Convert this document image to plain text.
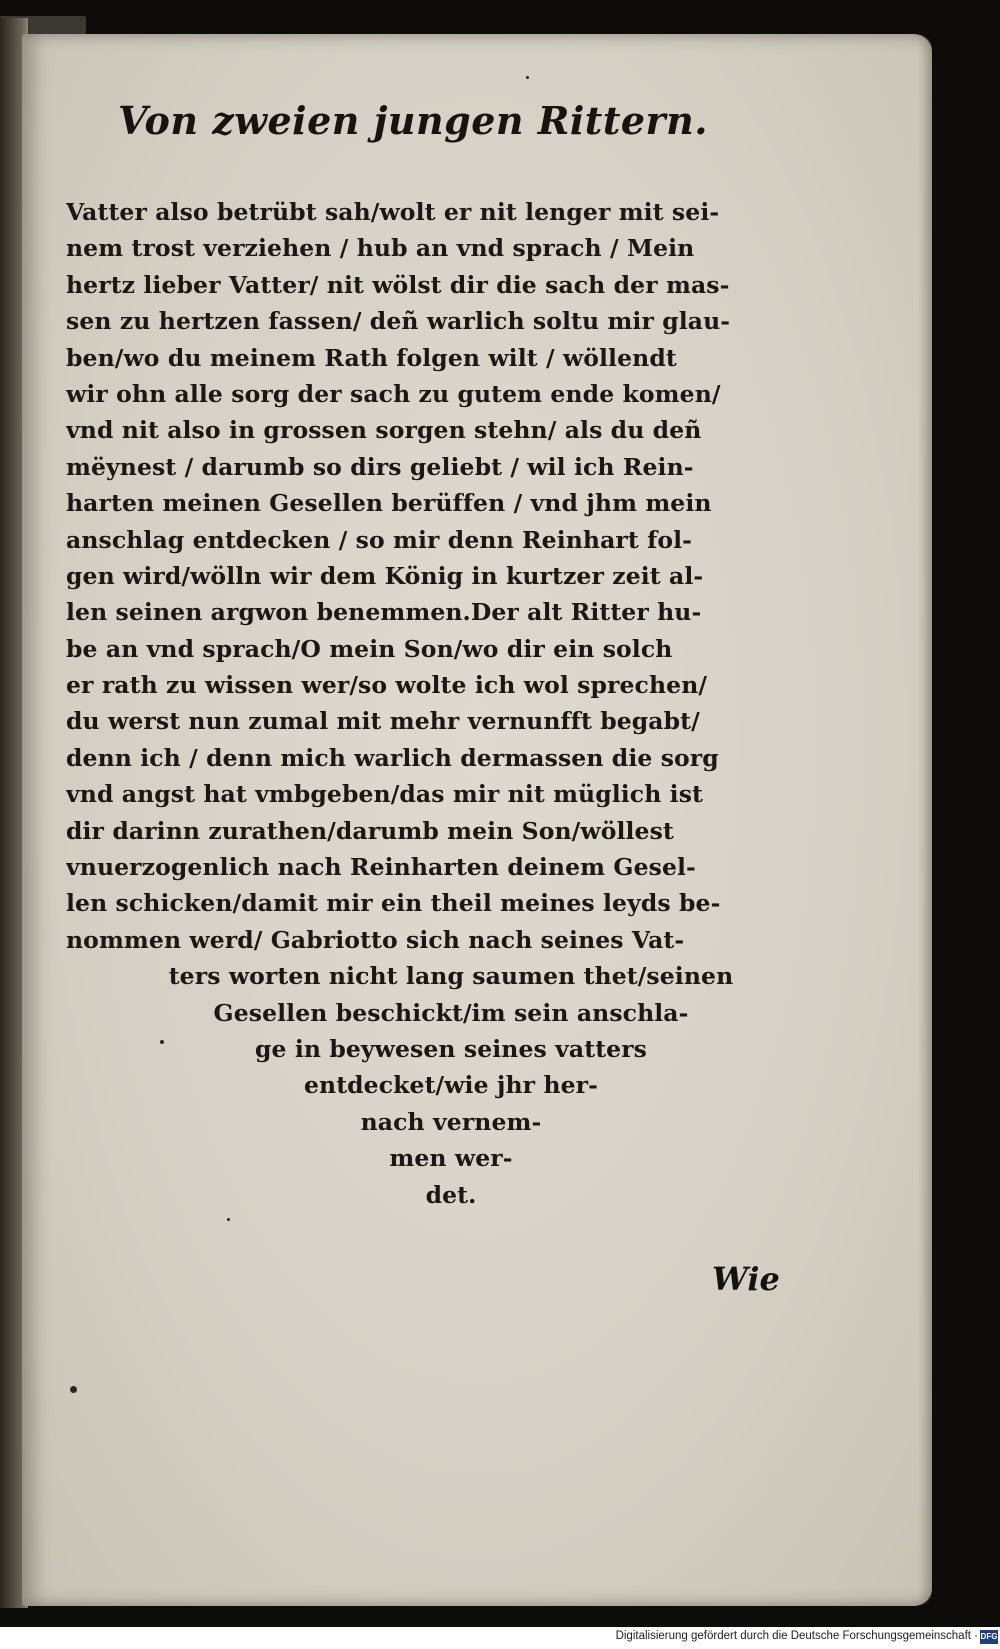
Von zweien jungen Rittern.
Vatter also betrübt sah/wolt er nit lenger mit sei-
nem trost verziehen / hub an vnd sprach / Mein
hertz lieber Vatter/ nit wölst dir die sach der mas-
sen zu hertzen fassen/ deñ warlich soltu mir glau-
ben/wo du meinem Rath folgen wilt / wöllendt
wir ohn alle sorg der sach zu gutem ende komen/
vnd nit also in grossen sorgen stehn/ als du deñ
mëynest / darumb so dirs geliebt / wil ich Rein-
harten meinen Gesellen berüffen / vnd jhm mein
anschlag entdecken / so mir denn Reinhart fol-
gen wird/wölln wir dem König in kurtzer zeit al-
len seinen argwon benemmen.Der alt Ritter hu-
be an vnd sprach/O mein Son/wo dir ein solch
er rath zu wissen wer/so wolte ich wol sprechen/
du werst nun zumal mit mehr vernunfft begabt/
denn ich / denn mich warlich dermassen die sorg
vnd angst hat vmbgeben/das mir nit müglich ist
dir darinn zurathen/darumb mein Son/wöllest
vnuerzogenlich nach Reinharten deinem Gesel-
len schicken/damit mir ein theil meines leyds be-
nommen werd/ Gabriotto sich nach seines Vat-
ters worten nicht lang saumen thet/seinen
Gesellen beschickt/im sein anschla-
ge in beywesen seines vatters
entdecket/wie jhr her-
nach vernem-
men wer-
det.
Wie
Digitalisierung gefördert durch die Deutsche Forschungsgemeinschaft · DFG
